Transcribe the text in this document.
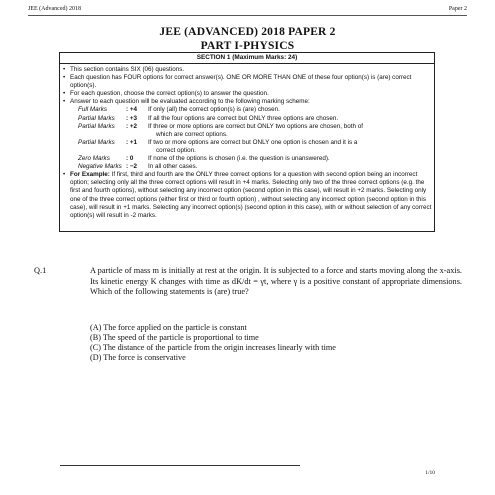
JEE (Advanced) 2018	Paper 2
JEE (ADVANCED) 2018 PAPER 2
PART I-PHYSICS
SECTION 1 (Maximum Marks: 24)
• This section contains SIX (06) questions.
• Each question has FOUR options for correct answer(s). ONE OR MORE THAN ONE of these four option(s) is (are) correct option(s).
• For each question, choose the correct option(s) to answer the question.
• Answer to each question will be evaluated according to the following marking scheme:
Full Marks	: +4	If only (all) the correct option(s) is (are) chosen.
Partial Marks	: +3	If all the four options are correct but ONLY three options are chosen.
Partial Marks	: +2	If three or more options are correct but ONLY two options are chosen, both of
which are correct options.
Partial Marks	: +1	If two or more options are correct but ONLY one option is chosen and it is a
correct option.
Zero Marks	: 0	If none of the options is chosen (i.e. the question is unanswered).
Negative Marks : −2	In all other cases.
• For Example: If first, third and fourth are the ONLY three correct options for a question with second option being an incorrect option; selecting only all the three correct options will result in +4 marks. Selecting only two of the three correct options (e.g. the first and fourth options), without selecting any incorrect option (second option in this case), will result in +2 marks. Selecting only one of the three correct options (either first or third or fourth option) , without selecting any incorrect option (second option in this case), will result in +1 marks. Selecting any incorrect option(s) (second option in this case), with or without selection of any correct option(s) will result in -2 marks.
Q.1	A particle of mass m is initially at rest at the origin. It is subjected to a force and starts moving along the x-axis. Its kinetic energy K changes with time as dK/dt = γt, where γ is a positive constant of appropriate dimensions. Which of the following statements is (are) true?
(A) The force applied on the particle is constant
(B) The speed of the particle is proportional to time
(C) The distance of the particle from the origin increases linearly with time
(D) The force is conservative
1/10
